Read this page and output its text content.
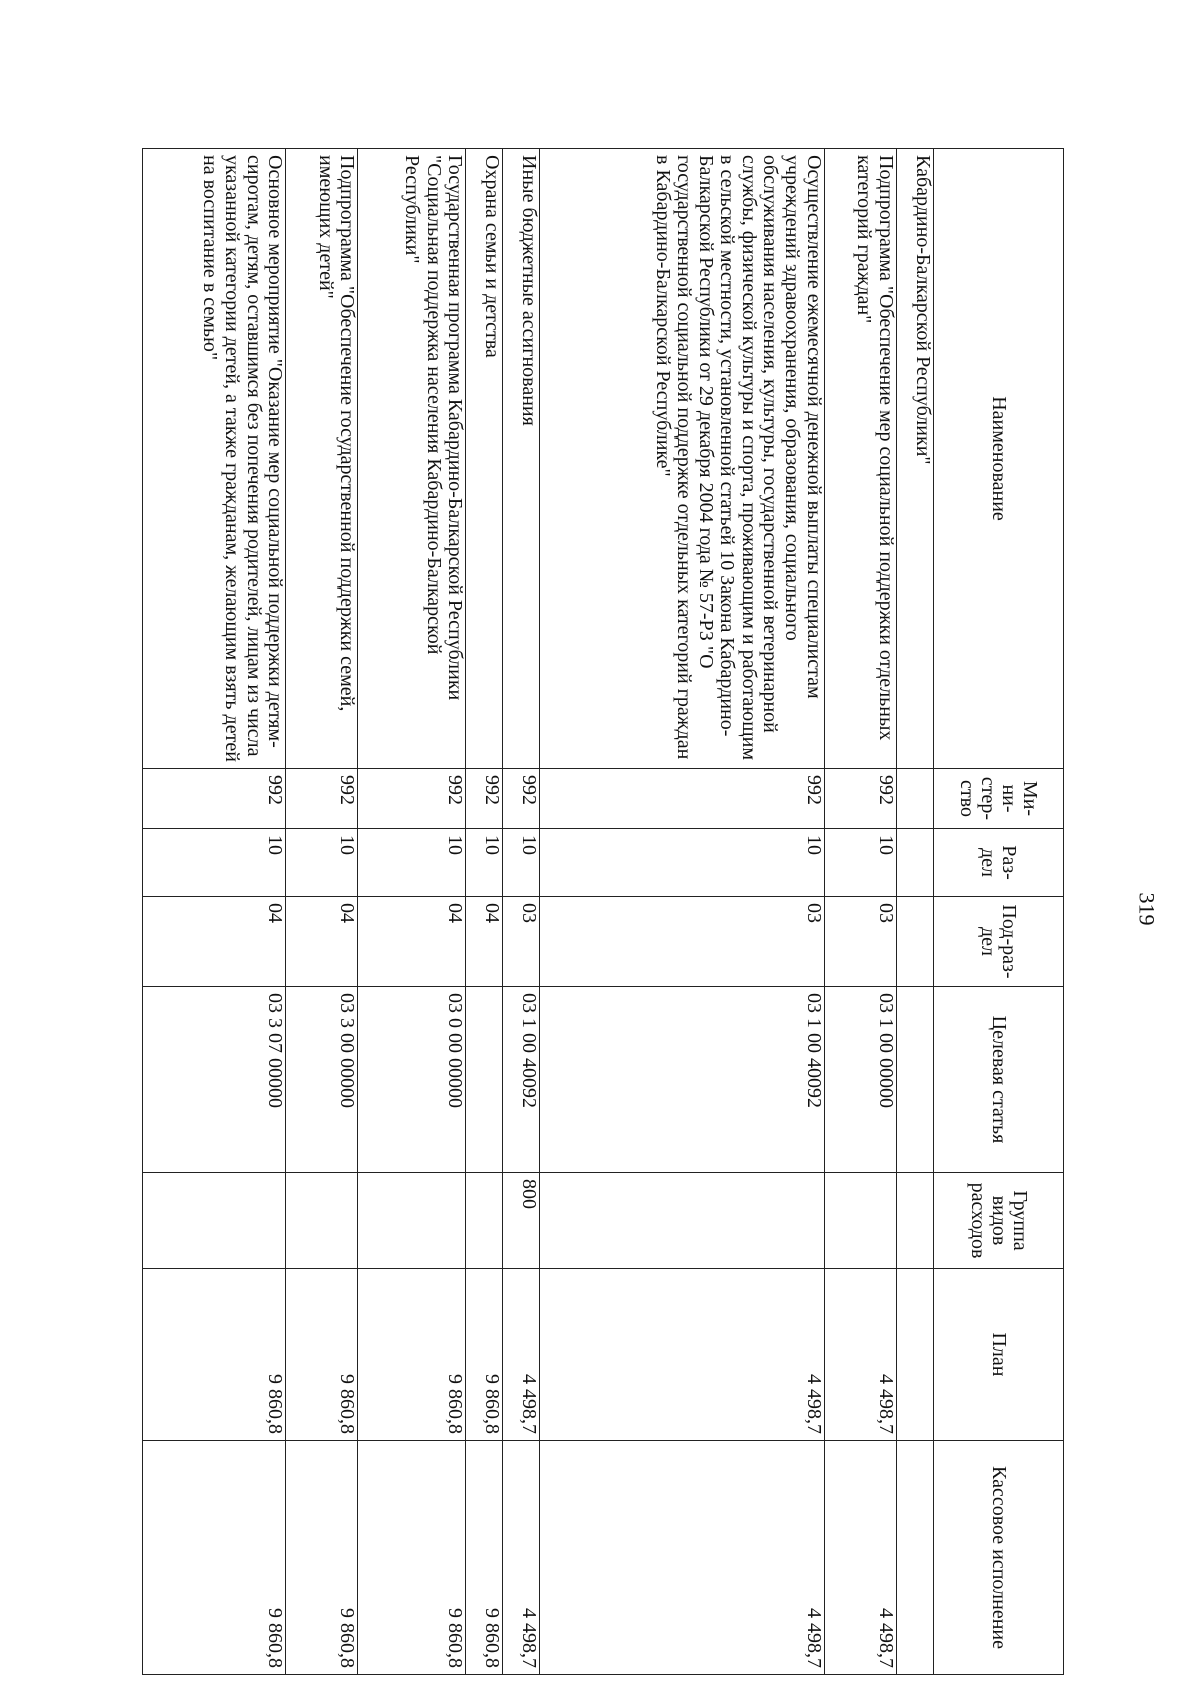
319
Наименование	Ми-ни-стер-ство	Раз-дел	Под-раз-дел	Целевая статья	Группа видов расходов	План	Кассовое исполнение
Кабардино-Балкарской Республики"							
Подпрограмма "Обеспечение мер социальной поддержки отдельных категорий граждан"	992	10	03	03 1 00 00000		4 498,7	4 498,7
Осуществление ежемесячной денежной выплаты специалистам учреждений здравоохранения, образования, социального обслуживания населения, культуры, государственной ветеринарной службы, физической культуры и спорта, проживающим и работающим в сельской местности, установленной статьей 10 Закона Кабардино-Балкарской Республики от 29 декабря 2004 года № 57-РЗ "О государственной социальной поддержке отдельных категорий граждан в Кабардино-Балкарской Республике"	992	10	03	03 1 00 40092		4 498,7	4 498,7
Иные бюджетные ассигнования	992	10	03	03 1 00 40092	800	4 498,7	4 498,7
Охрана семьи и детства	992	10	04			9 860,8	9 860,8
Государственная программа Кабардино-Балкарской Республики "Социальная поддержка населения Кабардино-Балкарской Республики"	992	10	04	03 0 00 00000		9 860,8	9 860,8
Подпрограмма "Обеспечение государственной поддержки семей, имеющих детей"	992	10	04	03 3 00 00000		9 860,8	9 860,8
Основное мероприятие "Оказание мер социальной поддержки детям-сиротам, детям, оставшимся без попечения родителей, лицам из числа указанной категории детей, а также гражданам, желающим взять детей на воспитание в семью"	992	10	04	03 3 07 00000		9 860,8	9 860,8
